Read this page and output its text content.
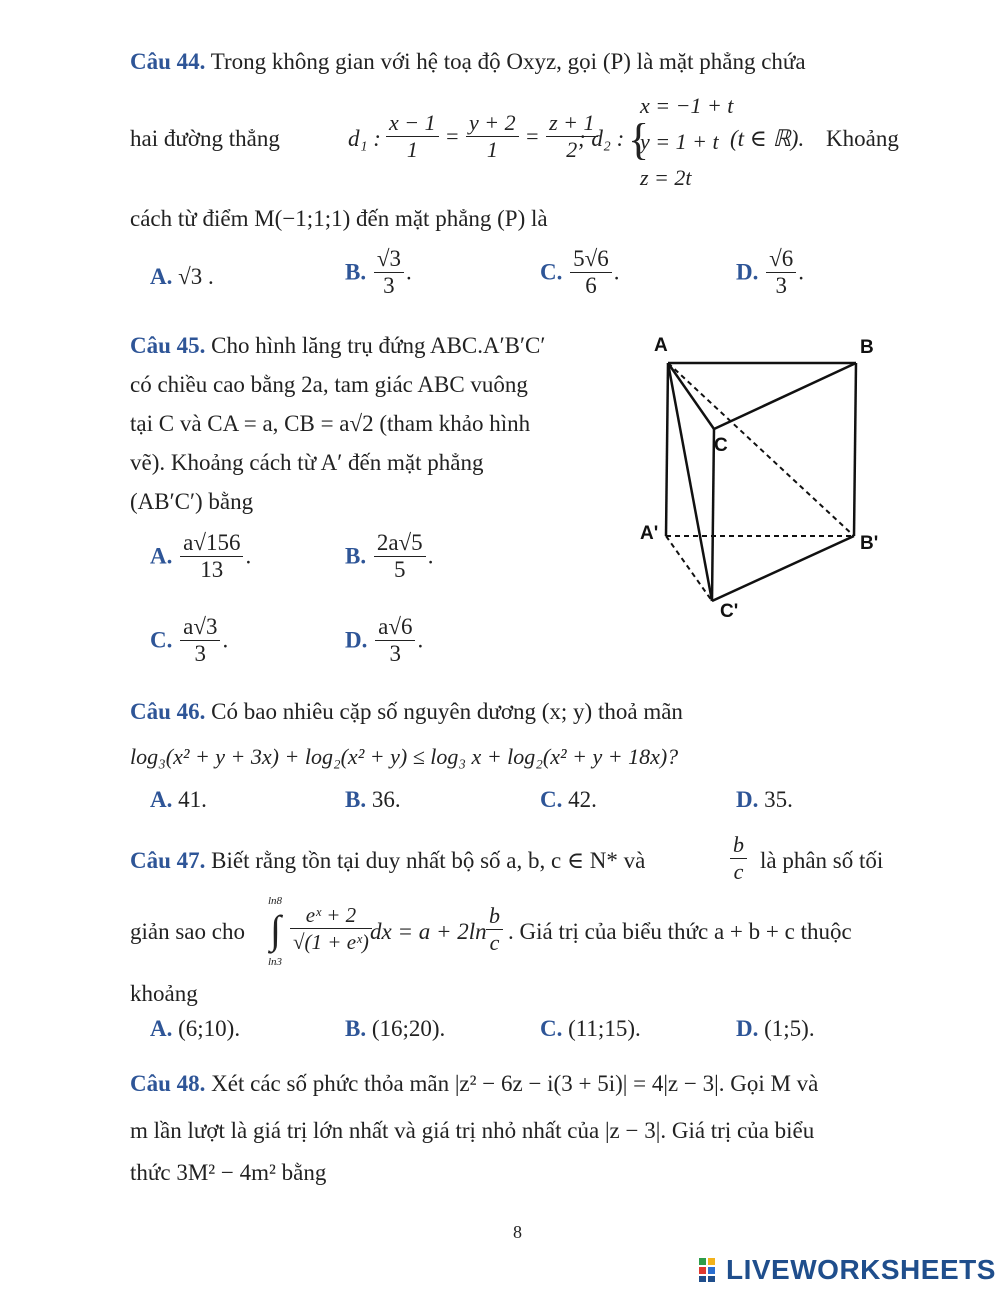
Câu 44. Trong không gian với hệ toạ độ Oxyz, gọi (P) là mặt phẳng chứa
hai đường thẳng	d₁ : $\frac{x - 1}{1} = \frac{y + 2}{1} = \frac{z + 1}{2}$
; d₂ : {
x = −1 + t
y = 1 + t
z = 2t
(t ∈ ℝ). Khoảng
cách từ điểm M(−1;1;1) đến mặt phẳng (P) là
A. √3 .	B. $\frac{√3}{3}$ .	C. $\frac{5√6}{6}$ .	D. $\frac{√6}{3}$ .
Câu 45. Cho hình lăng trụ đứng ABC.A′B′C′
có chiều cao bằng 2a, tam giác ABC vuông
tại C và CA = a, CB = a√2 (tham khảo hình
vẽ). Khoảng cách từ A′ đến mặt phẳng
(AB′C′) bằng
A. $\frac{a√156}{13}$ .	B. $\frac{2a√5}{5}$ .
C. $\frac{a√3}{3}$ .	D. $\frac{a√6}{3}$ .
A	B
C
A'	B'
C'
Câu 46. Có bao nhiêu cặp số nguyên dương (x; y) thoả mãn
log₃(x² + y + 3x) + log₂(x² + y) ≤ log₃ x + log₂(x² + y + 18x)?
A. 41.	B. 36.	C. 42.	D. 35.
Câu 47. Biết rằng tồn tại duy nhất bộ số a, b, c ∈ N* và	$\frac{b}{c}$ là phân số tối
giản sao cho
ln8
∫
ln3
$\frac{\text{eˣ + 2}}{\text{√(1 + eˣ)}}$
dx = $a + 2\ln \frac{b}{c}$ . Giá trị của biểu thức a + b + c thuộc
khoảng
A. (6;10).	B. (16;20).	C. (11;15).	D. (1;5).
Câu 48. Xét các số phức thỏa mãn |z² − 6z − i(3 + 5i)| = 4|z − 3|. Gọi M và
m lần lượt là giá trị lớn nhất và giá trị nhỏ nhất của |z − 3|. Giá trị của biểu
thức 3M² − 4m² bằng
8
LIVEWORKSHEETS
